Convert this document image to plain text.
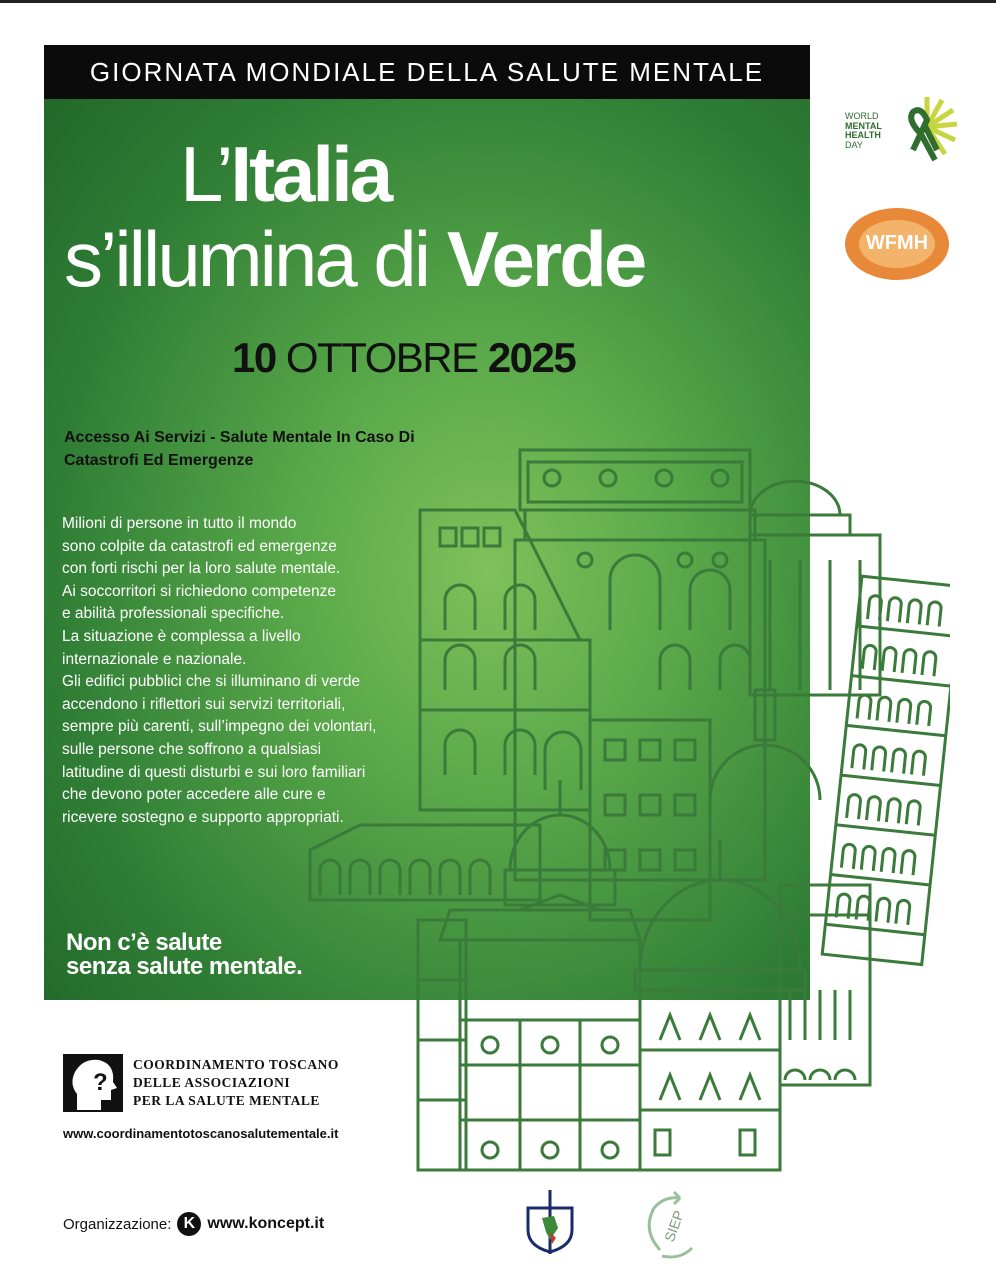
GIORNATA MONDIALE DELLA SALUTE MENTALE
L’Italia
s’illumina di Verde
10 OTTOBRE 2025
Accesso Ai Servizi - Salute Mentale In Caso Di Catastrofi Ed Emergenze

Milioni di persone in tutto il mondo

sono colpite da catastrofi ed emergenze

con forti rischi per la loro salute mentale.

Ai soccorritori si richiedono competenze

e abilità professionali specifiche.

La situazione è complessa a livello

internazionale e nazionale.

Gli edifici pubblici che si illuminano di verde

accendono i riflettori sui servizi territoriali,

sempre più carenti, sull’impegno dei volontari,

sulle persone che soffrono a qualsiasi

latitudine di questi disturbi e sui loro familiari

che devono poter accedere alle cure e

ricevere sostegno e supporto appropriati.

Non c’è salute
senza salute mentale.
WORLD
MENTAL
HEALTH
DAY
WFMH
?
COORDINAMENTO TOSCANO
DELLE ASSOCIAZIONI
PER LA SALUTE MENTALE
www.coordinamentotoscanosalutementale.it
Organizzazione: K www.koncept.it	SIEP
